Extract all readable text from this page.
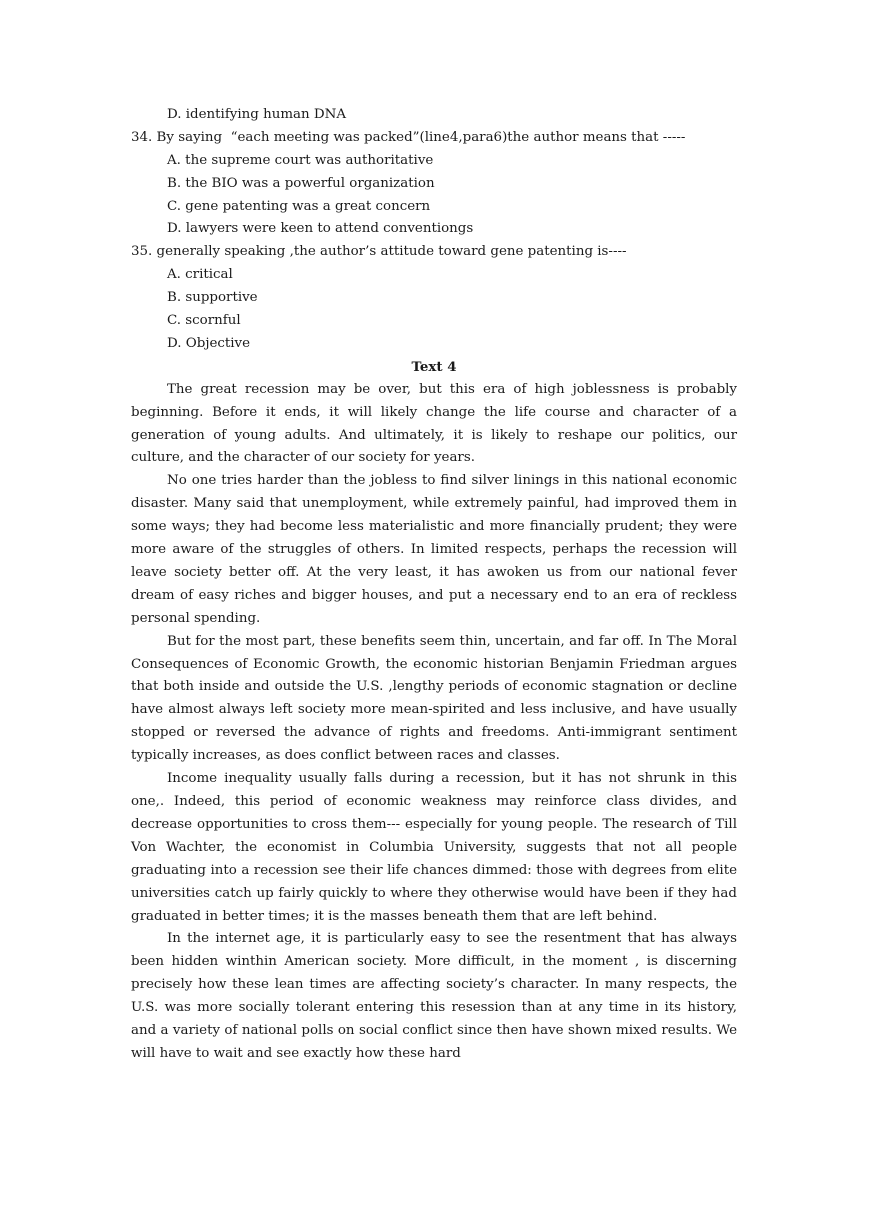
D. identifying human DNA
34. By saying  “each meeting was packed”(line4,para6)the author means that -----
A. the supreme court was authoritative
B. the BIO was a powerful organization
C. gene patenting was a great concern
D. lawyers were keen to attend conventiongs
35. generally speaking ,the author’s attitude toward gene patenting is----
A. critical
B. supportive
C. scornful
D. Objective
Text 4

The great recession may be over, but this era of high joblessness is probably beginning. Before it ends, it will likely change the life course and character of a generation of young adults. And ultimately, it is likely to reshape our politics, our culture, and the character of our society for years.

No one tries harder than the jobless to find silver linings in this national economic disaster. Many said that unemployment, while extremely painful, had improved them in some ways; they had become less materialistic and more financially prudent; they were more aware of the struggles of others. In limited respects, perhaps the recession will leave society better off. At the very least, it has awoken us from our national fever dream of easy riches and bigger houses, and put a necessary end to an era of reckless personal spending.

But for the most part, these benefits seem thin, uncertain, and far off. In The Moral Consequences of Economic Growth, the economic historian Benjamin Friedman argues that both inside and outside the U.S. ,lengthy periods of economic stagnation or decline have almost always left society more mean-spirited and less inclusive, and have usually stopped or reversed the advance of rights and freedoms. Anti-immigrant sentiment typically increases, as does conflict between races and classes.

Income inequality usually falls during a recession, but it has not shrunk in this one,. Indeed, this period of economic weakness may reinforce class divides, and decrease opportunities to cross them--- especially for young people. The research of Till Von Wachter, the economist in Columbia University, suggests that not all people graduating into a recession see their life chances dimmed: those with degrees from elite universities catch up fairly quickly to where they otherwise would have been if they had graduated in better times; it is the masses beneath them that are left behind.

In the internet age, it is particularly easy to see the resentment that has always been hidden winthin American society. More difficult, in the moment , is discerning precisely how these lean times are affecting society’s character. In many respects, the U.S. was more socially tolerant entering this resession than at any time in its history, and a variety of national polls on social conflict since then have shown mixed results. We will have to wait and see exactly how these hard
